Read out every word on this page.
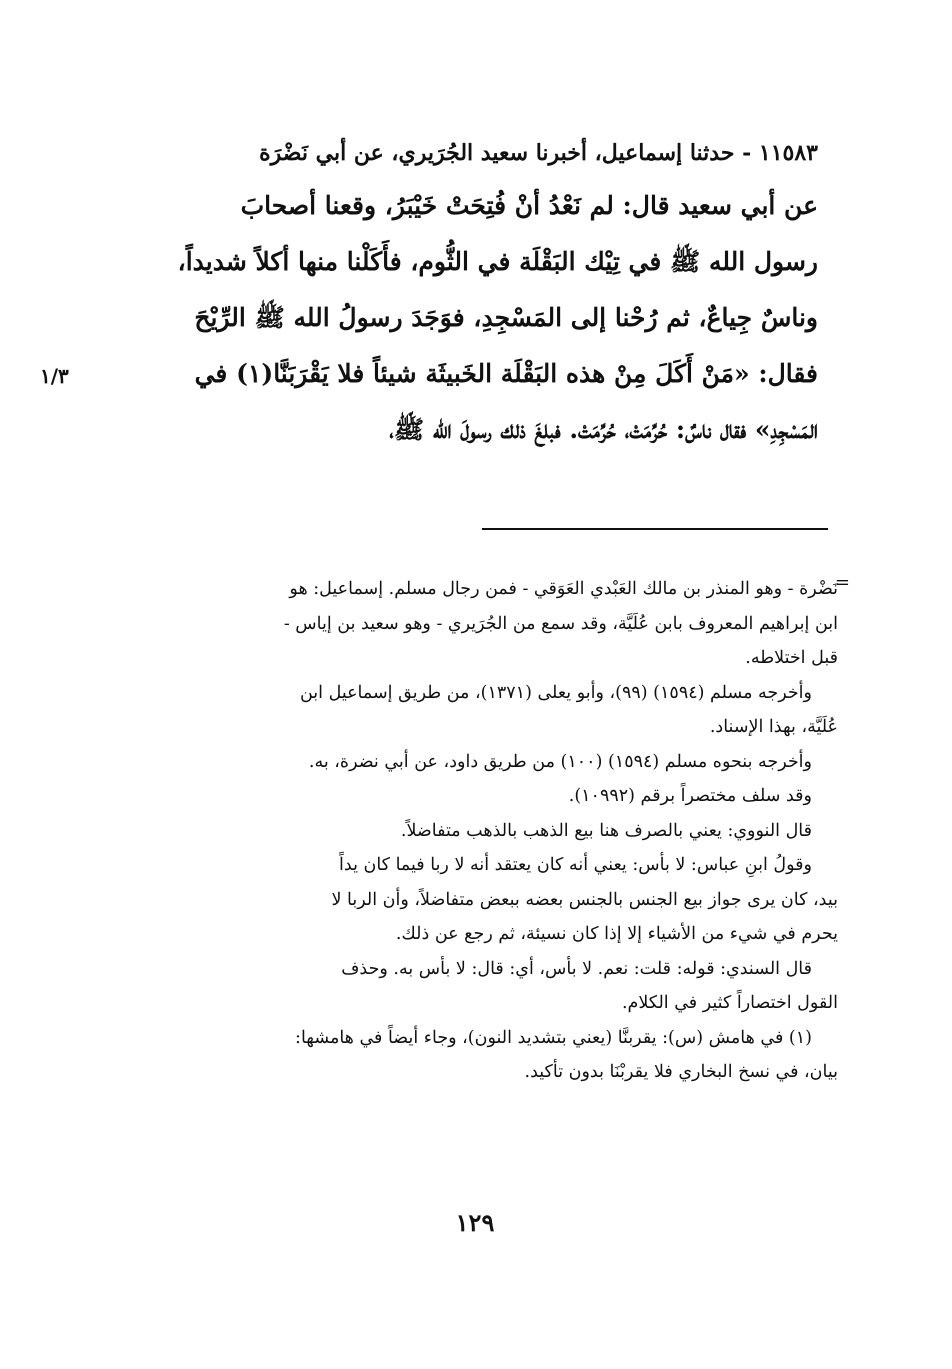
١١٥٨٣ - حدثنا إسماعيل، أخبرنا سعيد الجُرَيري، عن أبي نَضْرَة
عن أبي سعيد قال: لم نَعْدُ أنْ فُتِحَتْ خَيْبَرُ، وقعنا أصحابَ
رسول الله ﷺ في تِيْك البَقْلَة في الثُّوم، فأَكَلْنا منها أكلاً شديداً،
وناسٌ جِياعٌ، ثم رُحْنا إلى المَسْجِدِ، فوَجَدَ رسولُ الله ﷺ الرِّيْحَ
فقال: «مَنْ أَكَلَ مِنْ هذه البَقْلَة الخَبيثَة شيئاً فلا يَقْرَبَنَّا(١) في
المَسْجِدِ» فقال ناسٌ: حُرِّمَتْ، حُرِّمَتْ. فبلغَ ذلك رسولَ الله ﷺ،
١/٣
=
نَضْرة - وهو المنذر بن مالك العَبْدي العَوَقي - فمن رجال مسلم. إسماعيل: هو
ابن إبراهيم المعروف بابن عُلَيَّة، وقد سمع من الجُرَيري - وهو سعيد بن إياس -
قبل اختلاطه.
وأخرجه مسلم (١٥٩٤) (٩٩)، وأبو يعلى (١٣٧١)، من طريق إسماعيل ابن
عُلَيَّة، بهذا الإسناد.
وأخرجه بنحوه مسلم (١٥٩٤) (١٠٠) من طريق داود، عن أبي نضرة، به.
وقد سلف مختصراً برقم (١٠٩٩٢).
قال النووي: يعني بالصرف هنا بيع الذهب بالذهب متفاضلاً.
وقولُ ابنِ عباس: لا بأس: يعني أنه كان يعتقد أنه لا ربا فيما كان يداً
بيد، كان يرى جواز بيع الجنس بالجنس بعضه ببعض متفاضلاً، وأن الربا لا
يحرم في شيء من الأشياء إلا إذا كان نسيئة، ثم رجع عن ذلك.
قال السندي: قوله: قلت: نعم. لا بأس، أي: قال: لا بأس به. وحذف
القول اختصاراً كثير في الكلام.
(١) في هامش (س): يقربنَّا (يعني بتشديد النون)، وجاء أيضاً في هامشها:
بيان، في نسخ البخاري فلا يقربْنَا بدون تأكيد.
١٢٩
